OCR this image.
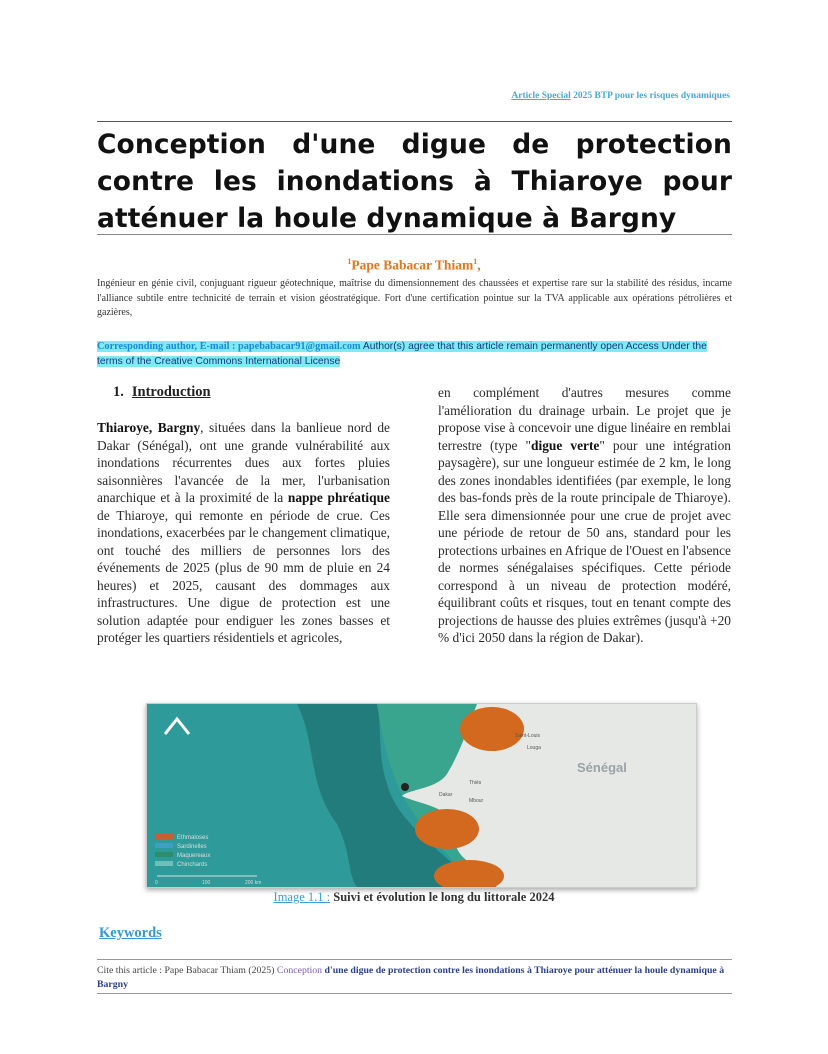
Article Special 2025 BTP pour les risques dynamiques
Conception d'une digue de protection contre les inondations à Thiaroye pour atténuer la houle dynamique à Bargny
$^1$Pape Babacar Thiam$^1$,
Ingénieur en génie civil, conjuguant rigueur géotechnique, maîtrise du dimensionnement des chaussées et expertise rare sur la stabilité des résidus, incarne l'alliance subtile entre technicité de terrain et vision géostratégique. Fort d'une certification pointue sur la TVA applicable aux opérations pétrolières et gazières,
Corresponding author, E-mail : papebabacar91@gmail.com Author(s) agree that this article remain permanently open Access Under the terms of the Creative Commons International License
1. Introduction
Thiaroye, Bargny, situées dans la banlieue nord de Dakar (Sénégal), ont une grande vulnérabilité aux inondations récurrentes dues aux fortes pluies saisonnières l'avancée de la mer, l'urbanisation anarchique et à la proximité de la nappe phréatique de Thiaroye, qui remonte en période de crue. Ces inondations, exacerbées par le changement climatique, ont touché des milliers de personnes lors des événements de 2025 (plus de 90 mm de pluie en 24 heures) et 2025, causant des dommages aux infrastructures. Une digue de protection est une solution adaptée pour endiguer les zones basses et protéger les quartiers résidentiels et agricoles,
en complément d'autres mesures comme l'amélioration du drainage urbain. Le projet que je propose vise à concevoir une digue linéaire en remblai terrestre (type "digue verte" pour une intégration paysagère), sur une longueur estimée de 2 km, le long des zones inondables identifiées (par exemple, le long des bas-fonds près de la route principale de Thiaroye). Elle sera dimensionnée pour une crue de projet avec une période de retour de 50 ans, standard pour les protections urbaines en Afrique de l'Ouest en l'absence de normes sénégalaises spécifiques. Cette période correspond à un niveau de protection modéré, équilibrant coûts et risques, tout en tenant compte des projections de hausse des pluies extrêmes (jusqu'à +20 % d'ici 2050 dans la région de Dakar).
Sénégal
Ethmaloses
Sardinelles
Maquereaux
Chinchards
0	100	200 km
Saint-Louis
Louga
Thiès
Dakar
Mbour
Image 1.1 : Suivi et évolution le long du littorale 2024
Keywords
Cite this article : Pape Babacar Thiam (2025) Conception d'une digue de protection contre les inondations à Thiaroye pour atténuer la houle dynamique à Bargny
